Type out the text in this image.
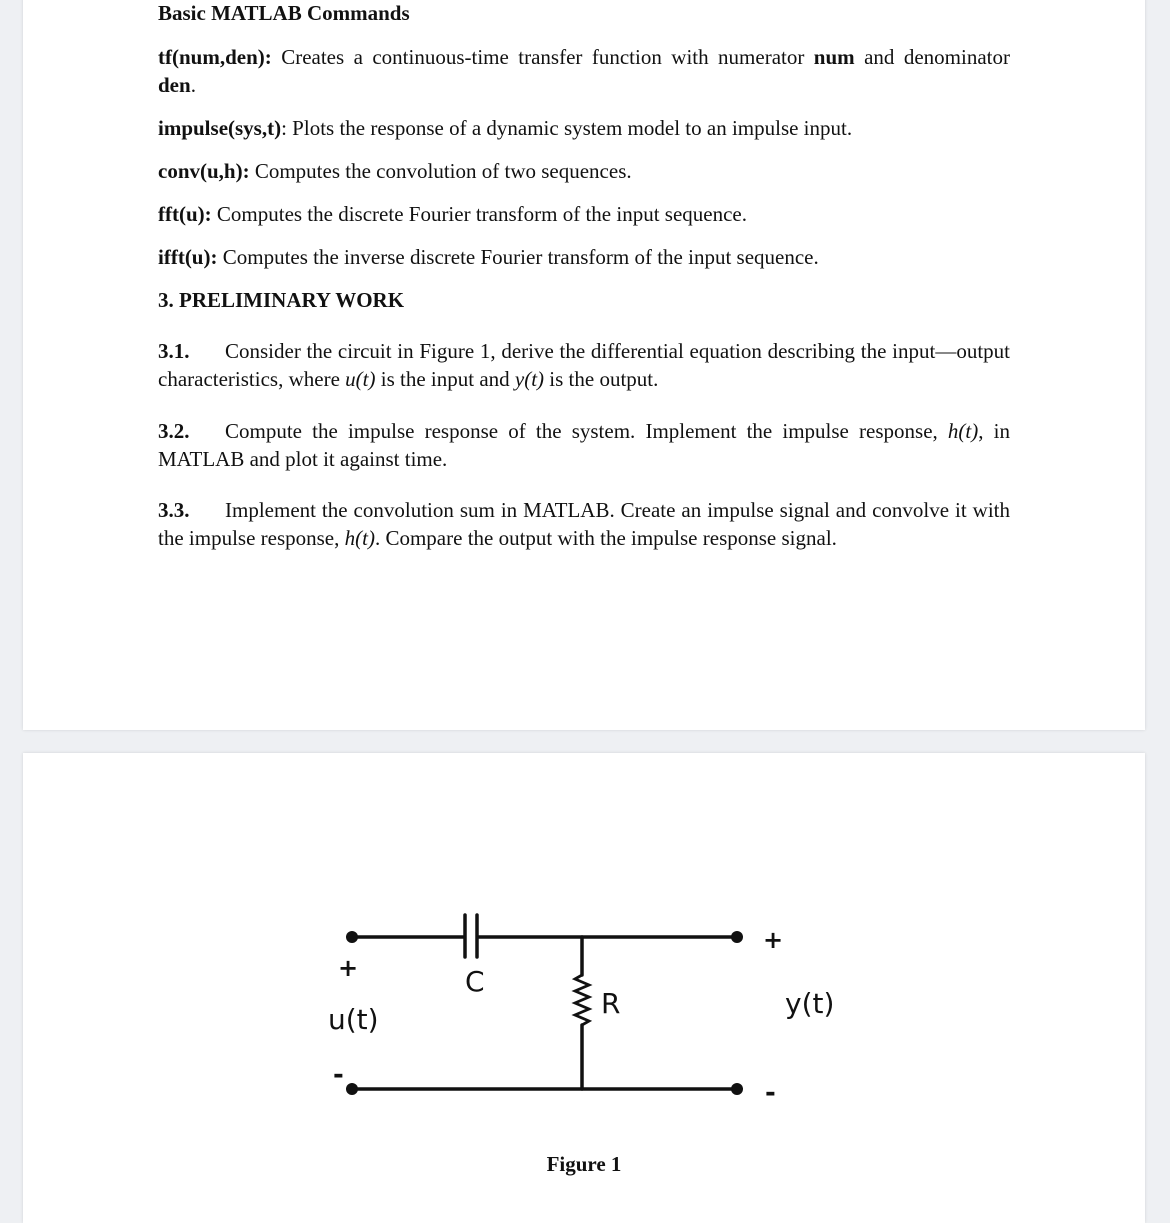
Basic MATLAB Commands
tf(num,den): Creates a continuous-time transfer function with numerator num and denominator den.
impulse(sys,t): Plots the response of a dynamic system model to an impulse input.
conv(u,h): Computes the convolution of two sequences.
fft(u): Computes the discrete Fourier transform of the input sequence.
ifft(u): Computes the inverse discrete Fourier transform of the input sequence.
3. PRELIMINARY WORK
3.1. Consider the circuit in Figure 1, derive the differential equation describing the input—output characteristics, where u(t) is the input and y(t) is the output.
3.2. Compute the impulse response of the system. Implement the impulse response, h(t), in MATLAB and plot it against time.
3.3. Implement the convolution sum in MATLAB. Create an impulse signal and convolve it with the impulse response, h(t). Compare the output with the impulse response signal.
+
u(t)
-
C
R
+
y(t)
-
Figure 1
